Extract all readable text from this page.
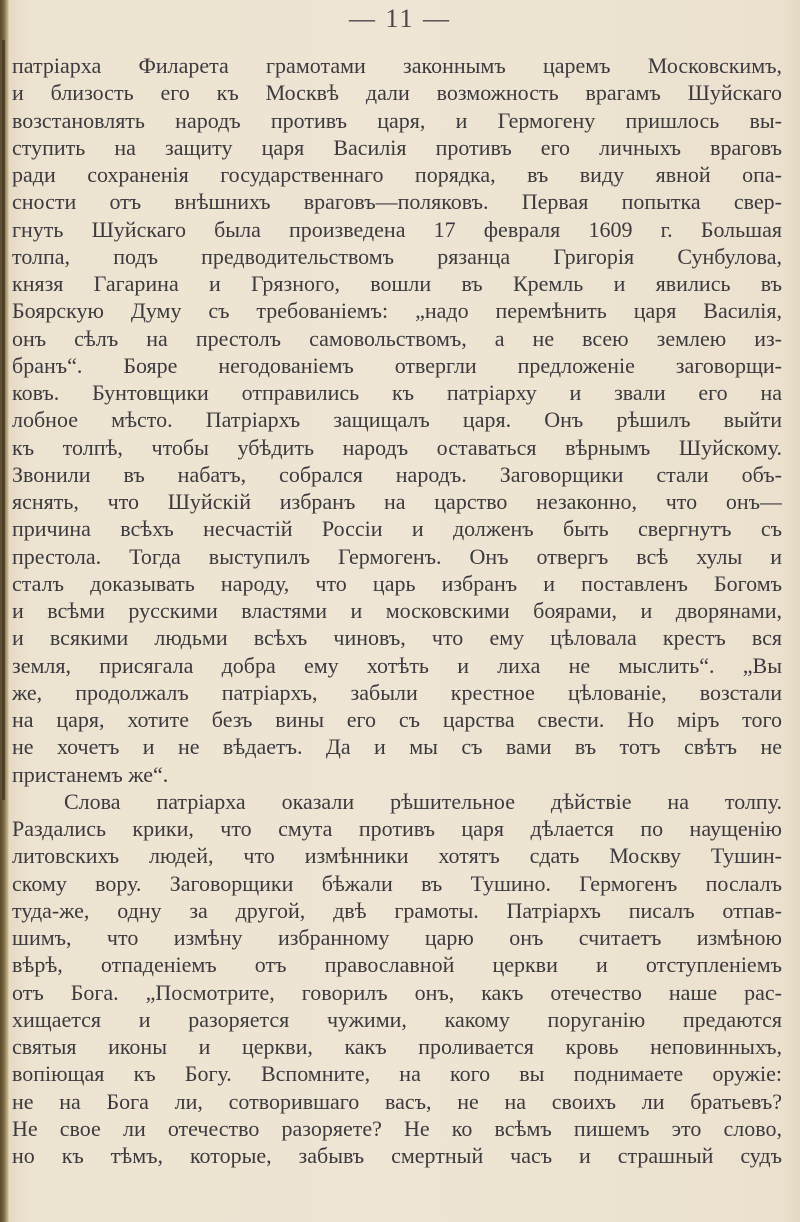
— 11 —
патріарха Филарета грамотами законнымъ царемъ Московскимъ,
и близость его къ Москвѣ дали возможность врагамъ Шуйскаго
возстановлять народъ противъ царя, и Гермогену пришлось вы-
ступить на защиту царя Василія противъ его личныхъ враговъ
ради сохраненія государственнаго порядка, въ виду явной опа-
сности отъ внѣшнихъ враговъ—поляковъ. Первая попытка свер-
гнуть Шуйскаго была произведена 17 февраля 1609 г. Большая
толпа, подъ предводительствомъ рязанца Григорія Сунбулова,
князя Гагарина и Грязного, вошли въ Кремль и явились въ
Боярскую Думу съ требованіемъ: „надо перемѣнить царя Василія,
онъ сѣлъ на престолъ самовольствомъ, а не всею землею из-
бранъ“. Бояре негодованіемъ отвергли предложеніе заговорщи-
ковъ. Бунтовщики отправились къ патріарху и звали его на
лобное мѣсто. Патріархъ защищалъ царя. Онъ рѣшилъ выйти
къ толпѣ, чтобы убѣдить народъ оставаться вѣрнымъ Шуйскому.
Звонили въ набатъ, собрался народъ. Заговорщики стали объ-
яснять, что Шуйскій избранъ на царство незаконно, что онъ—
причина всѣхъ несчастій Россіи и долженъ быть свергнутъ съ
престола. Тогда выступилъ Гермогенъ. Онъ отвергъ всѣ хулы и
сталъ доказывать народу, что царь избранъ и поставленъ Богомъ
и всѣми русскими властями и московскими боярами, и дворянами,
и всякими людьми всѣхъ чиновъ, что ему цѣловала крестъ вся
земля, присягала добра ему хотѣть и лиха не мыслить“. „Вы
же, продолжалъ патріархъ, забыли крестное цѣлованіе, возстали
на царя, хотите безъ вины его съ царства свести. Но міръ того
не хочетъ и не вѣдаетъ. Да и мы съ вами въ тотъ свѣтъ не
пристанемъ же“.
Слова патріарха оказали рѣшительное дѣйствіе на толпу.
Раздались крики, что смута противъ царя дѣлается по наущенію
литовскихъ людей, что измѣнники хотятъ сдать Москву Тушин-
скому вору. Заговорщики бѣжали въ Тушино. Гермогенъ послалъ
туда-же, одну за другой, двѣ грамоты. Патріархъ писалъ отпав-
шимъ, что измѣну избранному царю онъ считаетъ измѣною
вѣрѣ, отпаденіемъ отъ православной церкви и отступленіемъ
отъ Бога. „Посмотрите, говорилъ онъ, какъ отечество наше рас-
хищается и разоряется чужими, какому поруганію предаются
святыя иконы и церкви, какъ проливается кровь неповинныхъ,
вопіющая къ Богу. Вспомните, на кого вы поднимаете оружіе:
не на Бога ли, сотворившаго васъ, не на своихъ ли братьевъ?
Не свое ли отечество разоряете? Не ко всѣмъ пишемъ это слово,
но къ тѣмъ, которые, забывъ смертный часъ и страшный судъ
